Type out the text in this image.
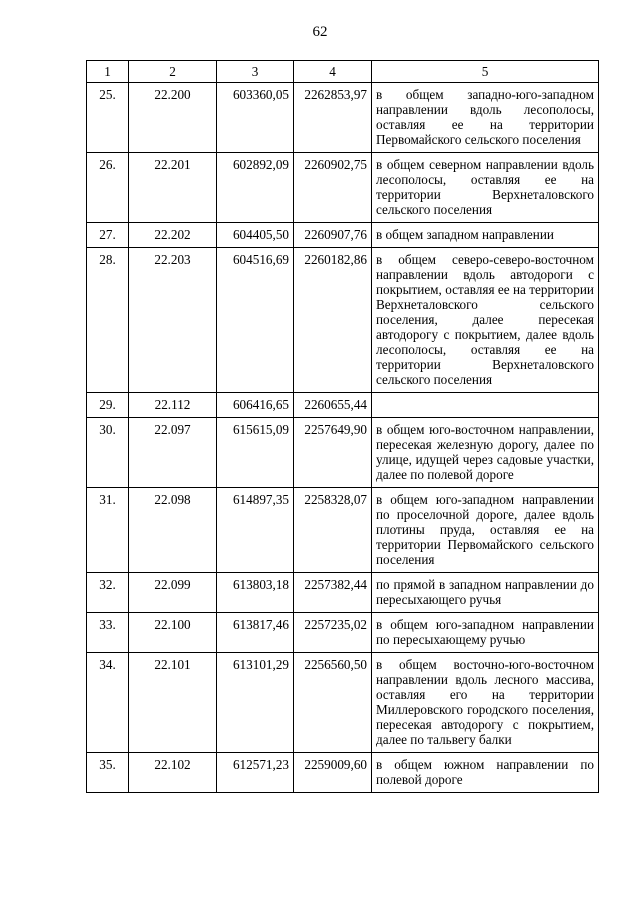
62
1	2	3	4	5
25.	22.200	603360,05	2262853,97	в общем западно-юго-западном направлении вдоль лесополосы, оставляя ее на территории Первомайского сельского поселения
26.	22.201	602892,09	2260902,75	в общем северном направлении вдоль лесополосы, оставляя ее на территории Верхнеталовского сельского поселения
27.	22.202	604405,50	2260907,76	в общем западном направлении
28.	22.203	604516,69	2260182,86	в общем северо-северо-восточном направлении вдоль автодороги с покрытием, оставляя ее на территории Верхнеталовского сельского поселения, далее пересекая автодорогу с покрытием, далее вдоль лесополосы, оставляя ее на территории Верхнеталовского сельского поселения
29.	22.112	606416,65	2260655,44	
30.	22.097	615615,09	2257649,90	в общем юго-восточном направлении, пересекая железную дорогу, далее по улице, идущей через садовые участки, далее по полевой дороге
31.	22.098	614897,35	2258328,07	в общем юго-западном направлении по проселочной дороге, далее вдоль плотины пруда, оставляя ее на территории Первомайского сельского поселения
32.	22.099	613803,18	2257382,44	по прямой в западном направлении до пересыхающего ручья
33.	22.100	613817,46	2257235,02	в общем юго-западном направлении по пересыхающему ручью
34.	22.101	613101,29	2256560,50	в общем восточно-юго-восточном направлении вдоль лесного массива, оставляя его на территории Миллеровского городского поселения, пересекая автодорогу с покрытием, далее по тальвегу балки
35.	22.102	612571,23	2259009,60	в общем южном направлении по полевой дороге
